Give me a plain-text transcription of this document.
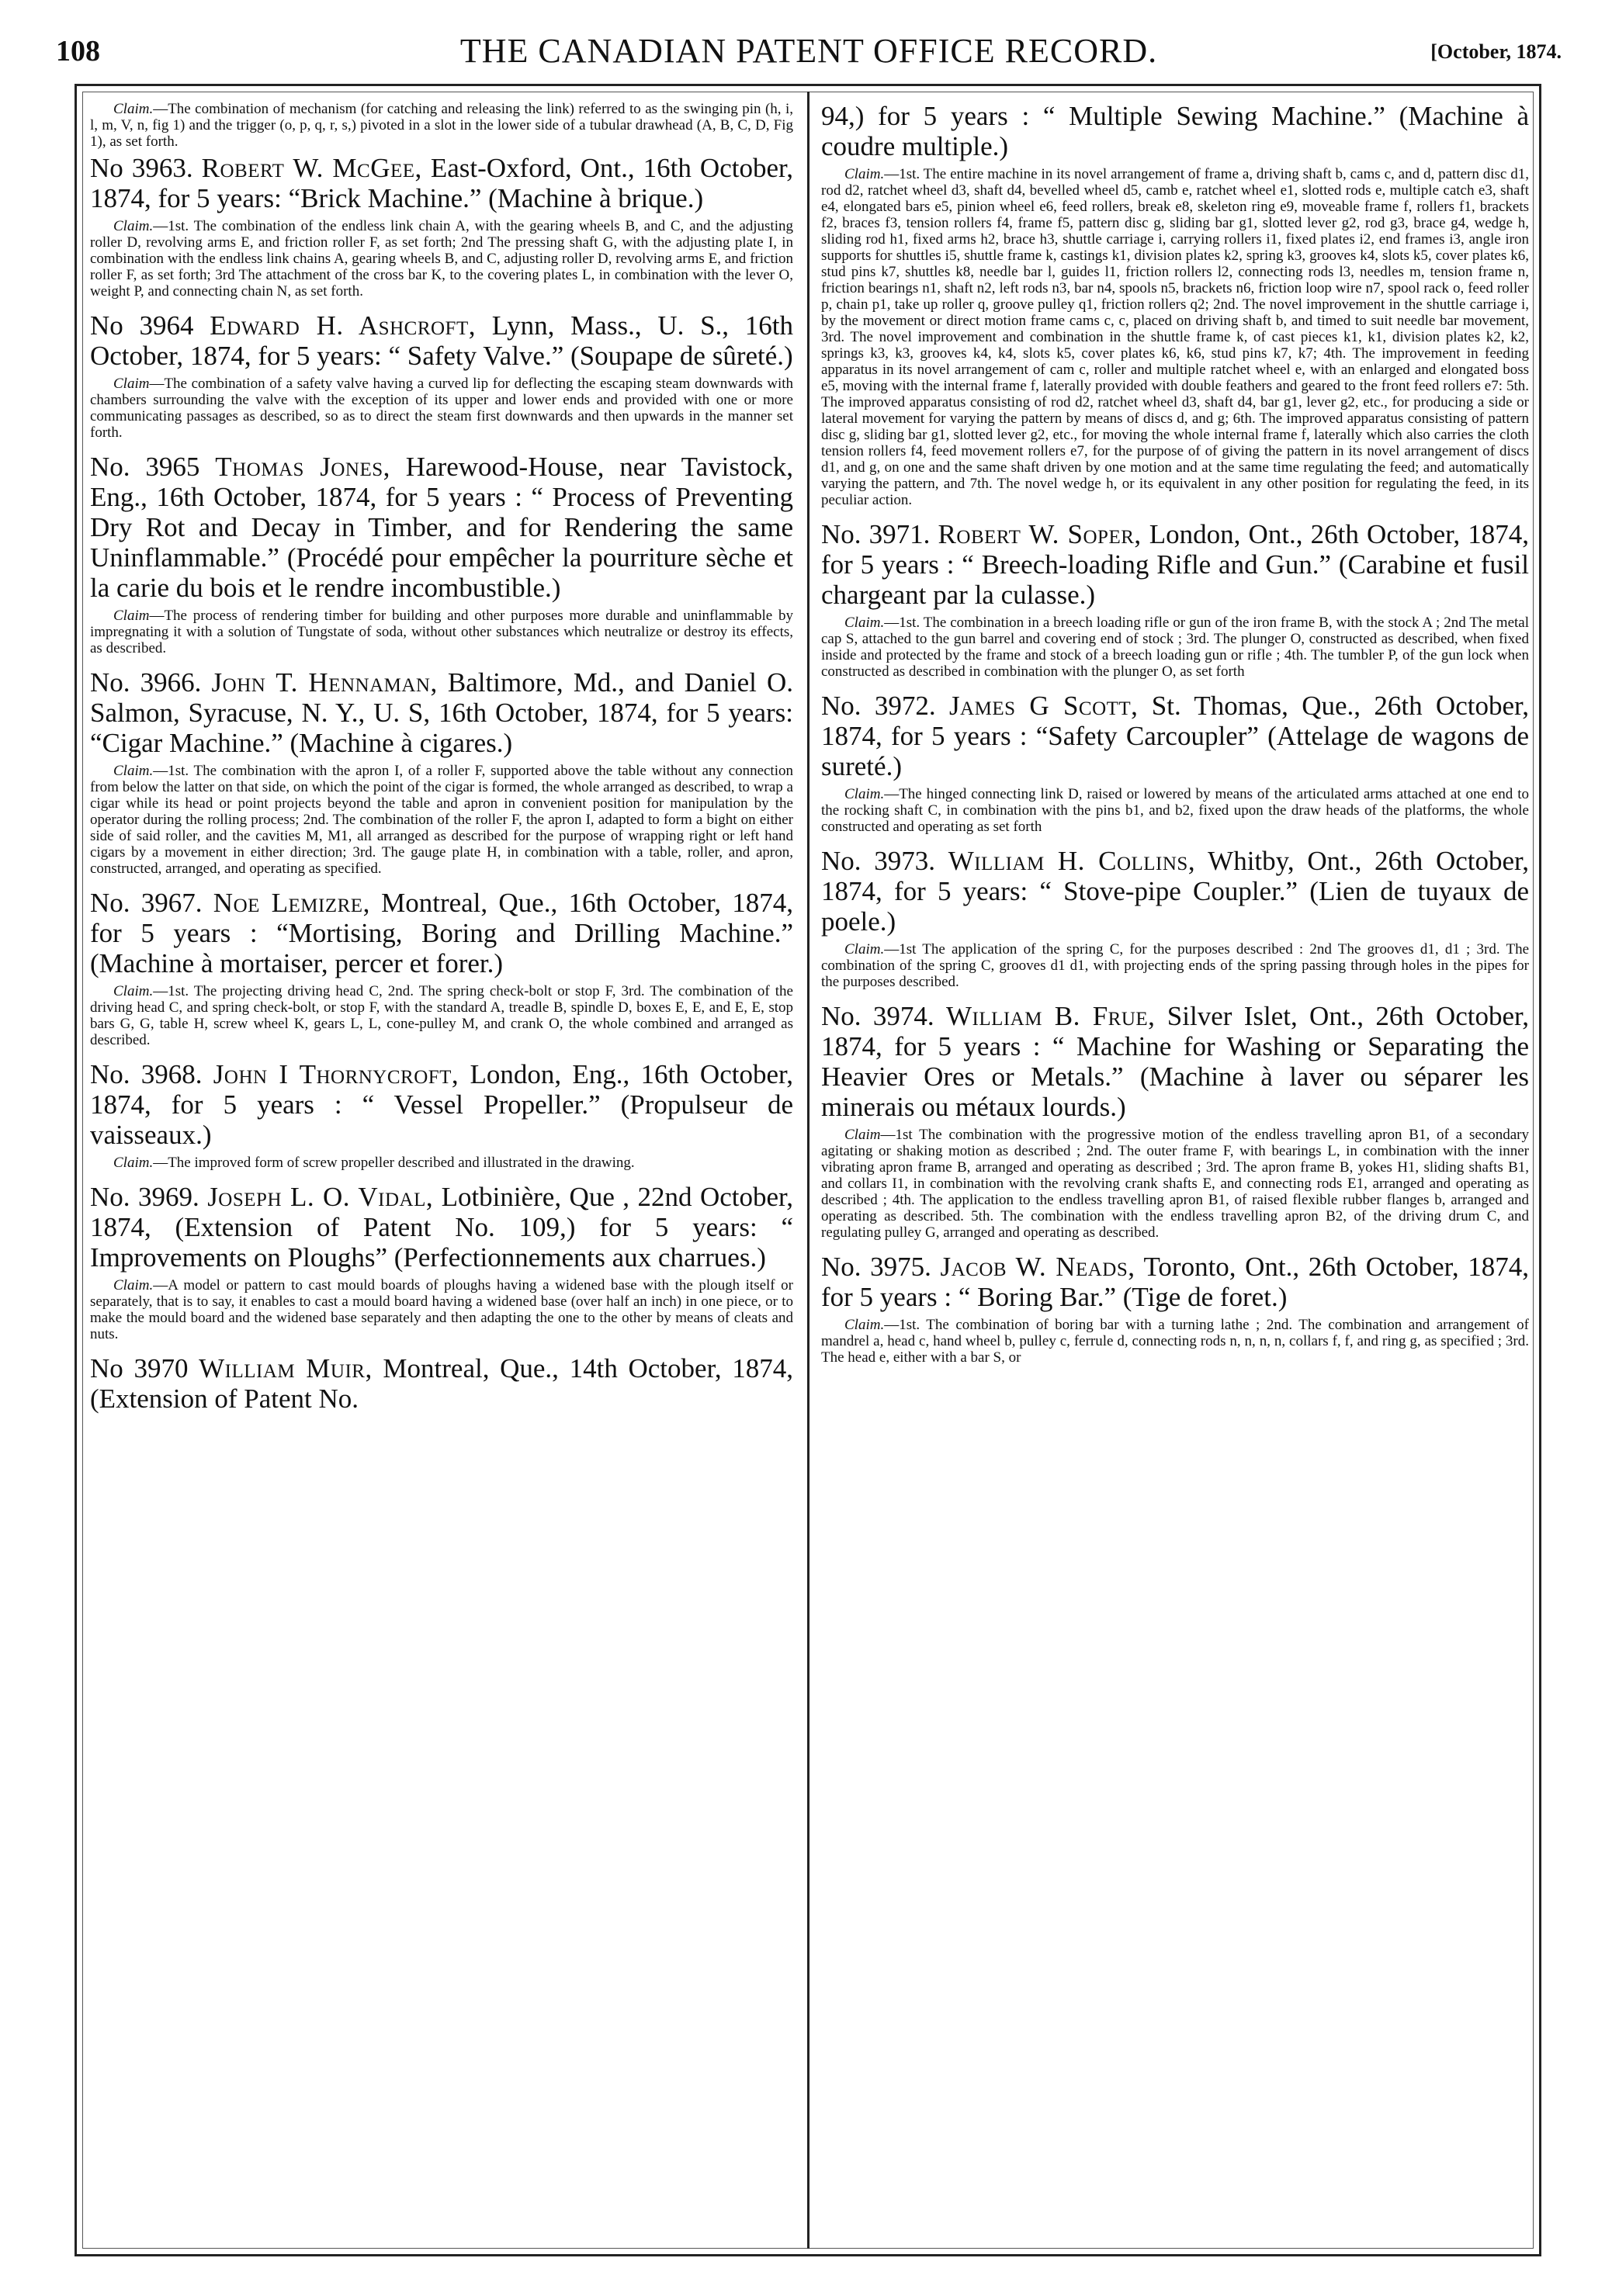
108	THE CANADIAN PATENT OFFICE RECORD.	[October, 1874.

Claim.—The combination of mechanism (for catching and releasing the link) referred to as the swinging pin (h, i, l, m, V, n, fig 1) and the trigger (o, p, q, r, s,) pivoted in a slot in the lower side of a tubular drawhead (A, B, C, D, Fig 1), as set forth.

No 3963. Robert W. McGee, East-Oxford, Ont., 16th October, 1874, for 5 years: “Brick Machine.” (Machine à brique.)

Claim.—1st. The combination of the endless link chain A, with the gearing wheels B, and C, and the adjusting roller D, revolving arms E, and friction roller F, as set forth; 2nd The pressing shaft G, with the adjusting plate I, in combination with the endless link chains A, gearing wheels B, and C, adjusting roller D, revolving arms E, and friction roller F, as set forth; 3rd The attachment of the cross bar K, to the covering plates L, in combination with the lever O, weight P, and connecting chain N, as set forth.

No 3964 Edward H. Ashcroft, Lynn, Mass., U. S., 16th October, 1874, for 5 years: “ Safety Valve.” (Soupape de sûreté.)

Claim—The combination of a safety valve having a curved lip for deflecting the escaping steam downwards with chambers surrounding the valve with the exception of its upper and lower ends and provided with one or more communicating passages as described, so as to direct the steam first downwards and then upwards in the manner set forth.

No. 3965 Thomas Jones, Harewood-House, near Tavistock, Eng., 16th October, 1874, for 5 years : “ Process of Preventing Dry Rot and Decay in Timber, and for Rendering the same Uninflammable.” (Procédé pour empêcher la pourriture sèche et la carie du bois et le rendre incombustible.)

Claim—The process of rendering timber for building and other purposes more durable and uninflammable by impregnating it with a solution of Tungstate of soda, without other substances which neutralize or destroy its effects, as described.

No. 3966. John T. Hennaman, Baltimore, Md., and Daniel O. Salmon, Syracuse, N. Y., U. S, 16th October, 1874, for 5 years: “Cigar Machine.” (Machine à cigares.)

Claim.—1st. The combination with the apron I, of a roller F, supported above the table without any connection from below the latter on that side, on which the point of the cigar is formed, the whole arranged as described, to wrap a cigar while its head or point projects beyond the table and apron in convenient position for manipulation by the operator during the rolling process; 2nd. The combination of the roller F, the apron I, adapted to form a bight on either side of said roller, and the cavities M, M1, all arranged as described for the purpose of wrapping right or left hand cigars by a movement in either direction; 3rd. The gauge plate H, in combination with a table, roller, and apron, constructed, arranged, and operating as specified.

No. 3967. Noe Lemizre, Montreal, Que., 16th October, 1874, for 5 years : “Mortising, Boring and Drilling Machine.” (Machine à mortaiser, percer et forer.)

Claim.—1st. The projecting driving head C, 2nd. The spring check-bolt or stop F, 3rd. The combination of the driving head C, and spring check-bolt, or stop F, with the standard A, treadle B, spindle D, boxes E, E, and E, E, stop bars G, G, table H, screw wheel K, gears L, L, cone-pulley M, and crank O, the whole combined and arranged as described.

No. 3968. John I Thornycroft, London, Eng., 16th October, 1874, for 5 years : “ Vessel Propeller.” (Propulseur de vaisseaux.)

Claim.—The improved form of screw propeller described and illustrated in the drawing.

No. 3969. Joseph L. O. Vidal, Lotbinière, Que , 22nd October, 1874, (Extension of Patent No. 109,) for 5 years: “ Improvements on Ploughs” (Perfectionnements aux charrues.)

Claim.—A model or pattern to cast mould boards of ploughs having a widened base with the plough itself or separately, that is to say, it enables to cast a mould board having a widened base (over half an inch) in one piece, or to make the mould board and the widened base separately and then adapting the one to the other by means of cleats and nuts.

No 3970 William Muir, Montreal, Que., 14th October, 1874, (Extension of Patent No.

94,) for 5 years : “ Multiple Sewing Machine.” (Machine à coudre multiple.)

Claim.—1st. The entire machine in its novel arrangement of frame a, driving shaft b, cams c, and d, pattern disc d1, rod d2, ratchet wheel d3, shaft d4, bevelled wheel d5, camb e, ratchet wheel e1, slotted rods e, multiple catch e3, shaft e4, elongated bars e5, pinion wheel e6, feed rollers, break e8, skeleton ring e9, moveable frame f, rollers f1, brackets f2, braces f3, tension rollers f4, frame f5, pattern disc g, sliding bar g1, slotted lever g2, rod g3, brace g4, wedge h, sliding rod h1, fixed arms h2, brace h3, shuttle carriage i, carrying rollers i1, fixed plates i2, end frames i3, angle iron supports for shuttles i5, shuttle frame k, castings k1, division plates k2, spring k3, grooves k4, slots k5, cover plates k6, stud pins k7, shuttles k8, needle bar l, guides l1, friction rollers l2, connecting rods l3, needles m, tension frame n, friction bearings n1, shaft n2, left rods n3, bar n4, spools n5, brackets n6, friction loop wire n7, spool rack o, feed roller p, chain p1, take up roller q, groove pulley q1, friction rollers q2; 2nd. The novel improvement in the shuttle carriage i, by the movement or direct motion frame cams c, c, placed on driving shaft b, and timed to suit needle bar movement, 3rd. The novel improvement and combination in the shuttle frame k, of cast pieces k1, k1, division plates k2, k2, springs k3, k3, grooves k4, k4, slots k5, cover plates k6, k6, stud pins k7, k7; 4th. The improvement in feeding apparatus in its novel arrangement of cam c, roller and multiple ratchet wheel e, with an enlarged and elongated boss e5, moving with the internal frame f, laterally provided with double feathers and geared to the front feed rollers e7: 5th. The improved apparatus consisting of rod d2, ratchet wheel d3, shaft d4, bar g1, lever g2, etc., for producing a side or lateral movement for varying the pattern by means of discs d, and g; 6th. The improved apparatus consisting of pattern disc g, sliding bar g1, slotted lever g2, etc., for moving the whole internal frame f, laterally which also carries the cloth tension rollers f4, feed movement rollers e7, for the purpose of of giving the pattern in its novel arrangement of discs d1, and g, on one and the same shaft driven by one motion and at the same time regulating the feed; and automatically varying the pattern, and 7th. The novel wedge h, or its equivalent in any other position for regulating the feed, in its peculiar action.

No. 3971. Robert W. Soper, London, Ont., 26th October, 1874, for 5 years : “ Breech-loading Rifle and Gun.” (Carabine et fusil chargeant par la culasse.)

Claim.—1st. The combination in a breech loading rifle or gun of the iron frame B, with the stock A ; 2nd The metal cap S, attached to the gun barrel and covering end of stock ; 3rd. The plunger O, constructed as described, when fixed inside and protected by the frame and stock of a breech loading gun or rifle ; 4th. The tumbler P, of the gun lock when constructed as described in combination with the plunger O, as set forth

No. 3972. James G Scott, St. Thomas, Que., 26th October, 1874, for 5 years : “Safety Carcoupler” (Attelage de wagons de sureté.)

Claim.—The hinged connecting link D, raised or lowered by means of the articulated arms attached at one end to the rocking shaft C, in combination with the pins b1, and b2, fixed upon the draw heads of the platforms, the whole constructed and operating as set forth

No. 3973. William H. Collins, Whitby, Ont., 26th October, 1874, for 5 years: “ Stove-pipe Coupler.” (Lien de tuyaux de poele.)

Claim.—1st The application of the spring C, for the purposes described : 2nd The grooves d1, d1 ; 3rd. The combination of the spring C, grooves d1 d1, with projecting ends of the spring passing through holes in the pipes for the purposes described.

No. 3974. William B. Frue, Silver Islet, Ont., 26th October, 1874, for 5 years : “ Machine for Washing or Separating the Heavier Ores or Metals.” (Machine à laver ou séparer les minerais ou métaux lourds.)

Claim—1st The combination with the progressive motion of the endless travelling apron B1, of a secondary agitating or shaking motion as described ; 2nd. The outer frame F, with bearings L, in combination with the inner vibrating apron frame B, arranged and operating as described ; 3rd. The apron frame B, yokes H1, sliding shafts B1, and collars I1, in combination with the revolving crank shafts E, and connecting rods E1, arranged and operating as described ; 4th. The application to the endless travelling apron B1, of raised flexible rubber flanges b, arranged and operating as described. 5th. The combination with the endless travelling apron B2, of the driving drum C, and regulating pulley G, arranged and operating as described.

No. 3975. Jacob W. Neads, Toronto, Ont., 26th October, 1874, for 5 years : “ Boring Bar.” (Tige de foret.)

Claim.—1st. The combination of boring bar with a turning lathe ; 2nd. The combination and arrangement of mandrel a, head c, hand wheel b, pulley c, ferrule d, connecting rods n, n, n, n, collars f, f, and ring g, as specified ; 3rd. The head e, either with a bar S, or
